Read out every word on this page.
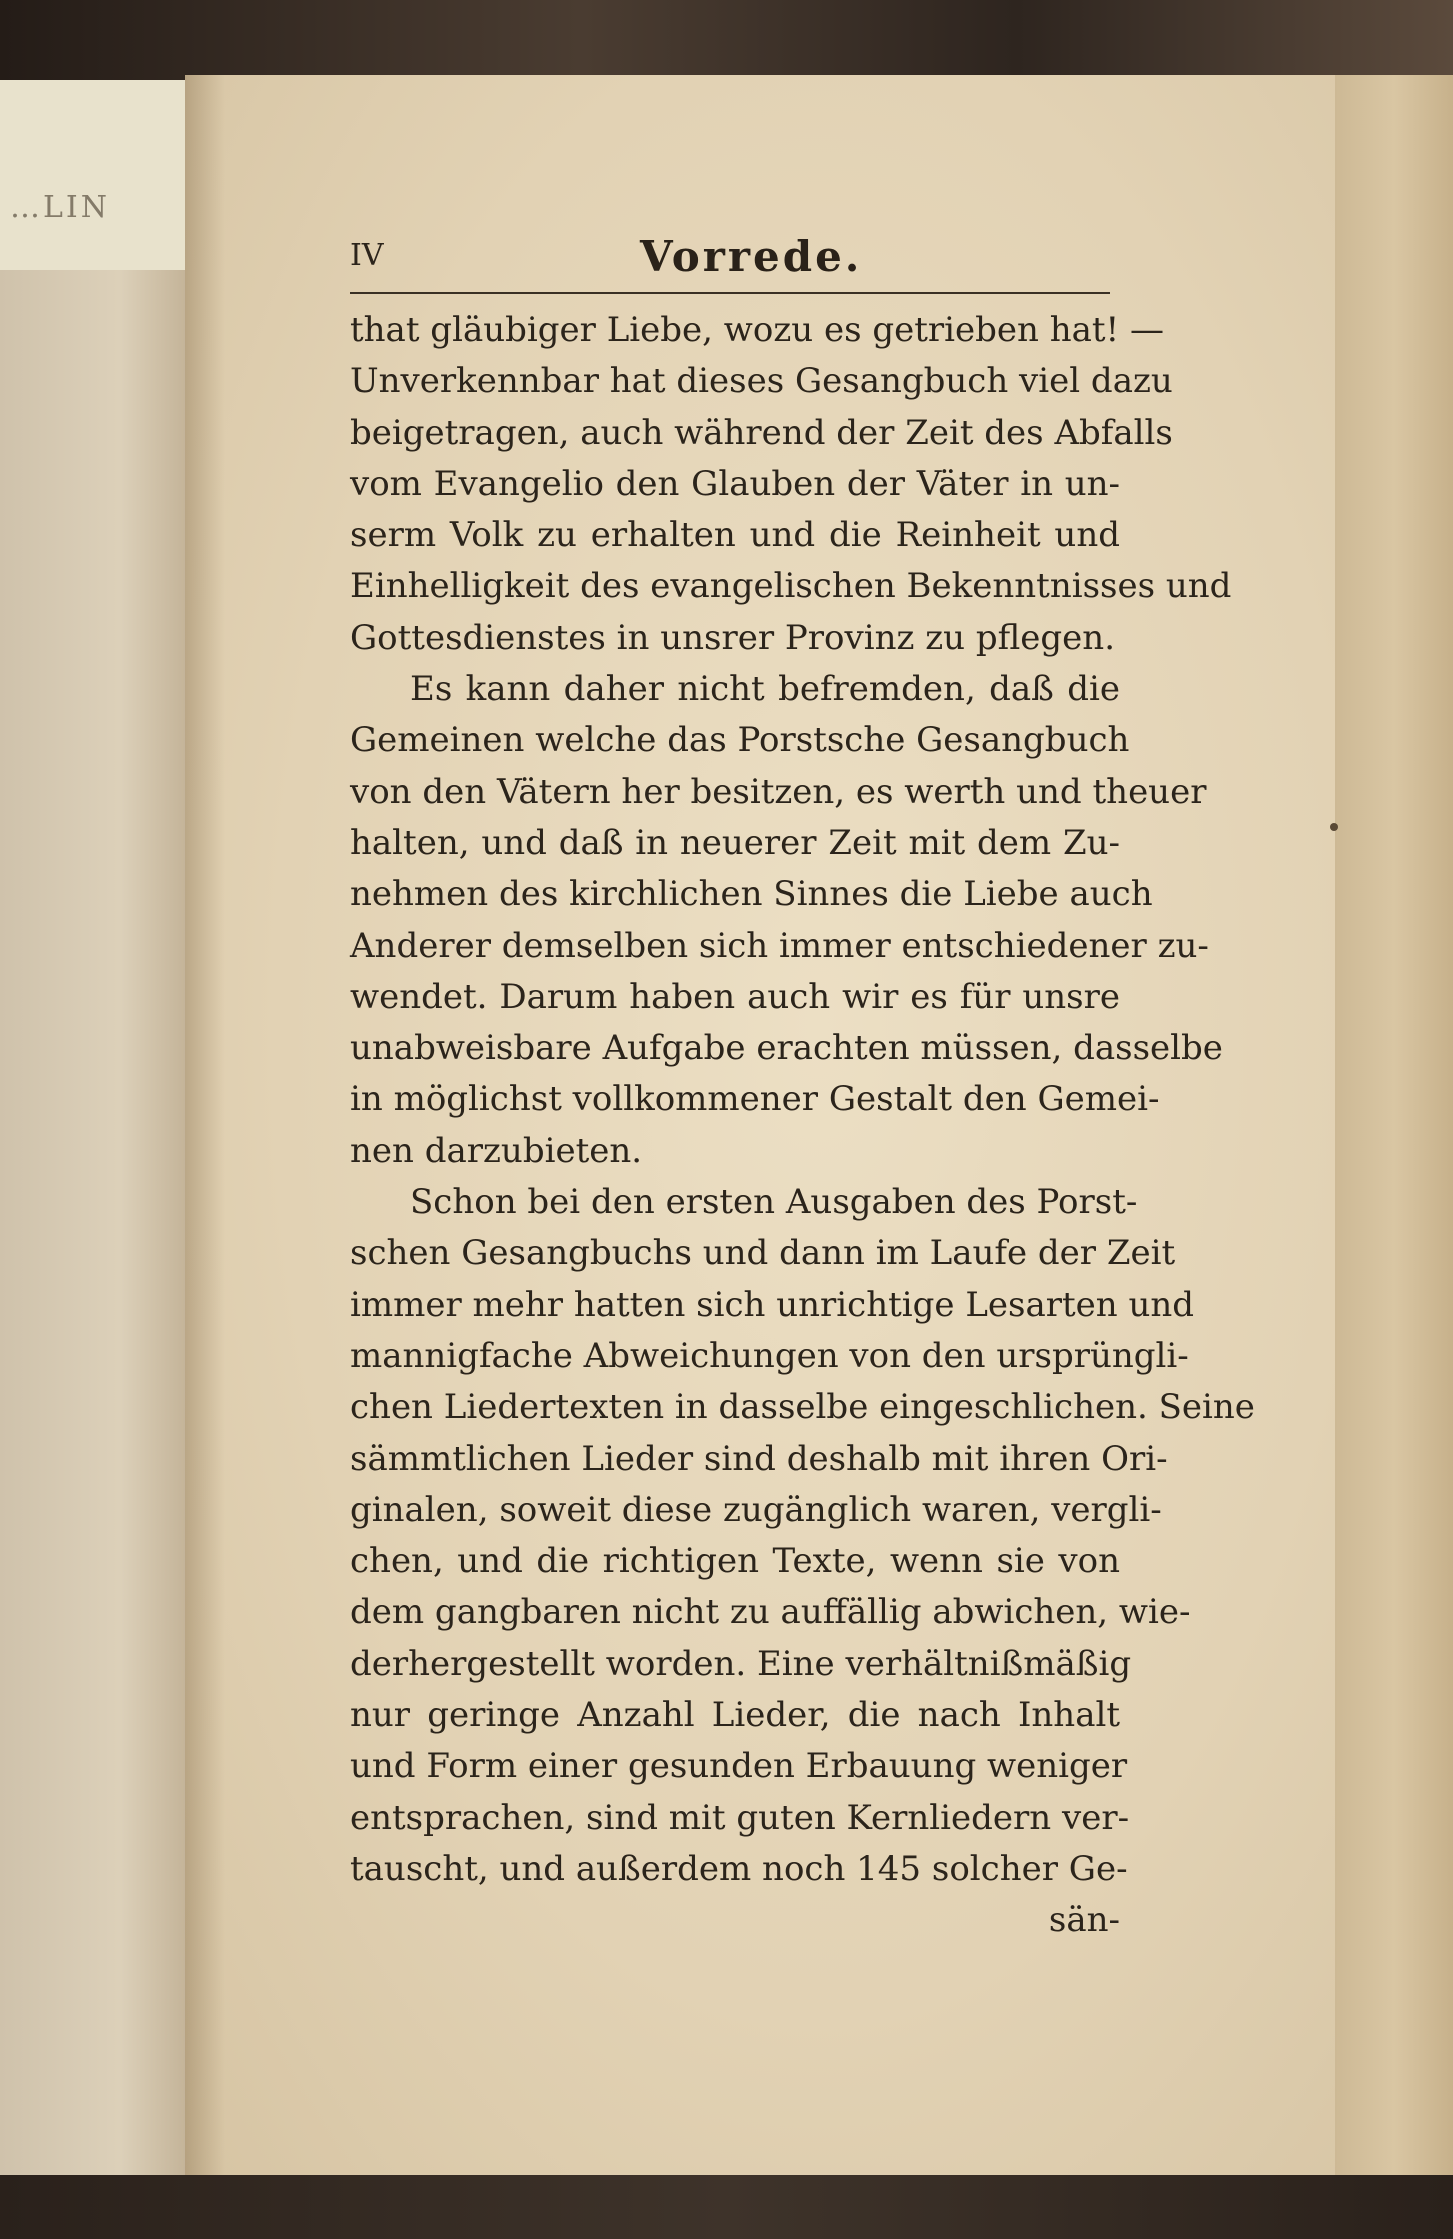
…LIN
IV	Vorrede.
that gläubiger Liebe, wozu es getrieben hat! —
Unverkennbar hat dieses Gesangbuch viel dazu
beigetragen, auch während der Zeit des Abfalls
vom Evangelio den Glauben der Väter in un-
serm Volk zu erhalten und die Reinheit und
Einhelligkeit des evangelischen Bekenntnisses und
Gottesdienstes in unsrer Provinz zu pflegen.
Es kann daher nicht befremden, daß die
Gemeinen welche das Porstsche Gesangbuch
von den Vätern her besitzen, es werth und theuer
halten, und daß in neuerer Zeit mit dem Zu-
nehmen des kirchlichen Sinnes die Liebe auch
Anderer demselben sich immer entschiedener zu-
wendet. Darum haben auch wir es für unsre
unabweisbare Aufgabe erachten müssen, dasselbe
in möglichst vollkommener Gestalt den Gemei-
nen darzubieten.
Schon bei den ersten Ausgaben des Porst-
schen Gesangbuchs und dann im Laufe der Zeit
immer mehr hatten sich unrichtige Lesarten und
mannigfache Abweichungen von den ursprüngli-
chen Liedertexten in dasselbe eingeschlichen. Seine
sämmtlichen Lieder sind deshalb mit ihren Ori-
ginalen, soweit diese zugänglich waren, vergli-
chen, und die richtigen Texte, wenn sie von
dem gangbaren nicht zu auffällig abwichen, wie-
derhergestellt worden. Eine verhältnißmäßig
nur geringe Anzahl Lieder, die nach Inhalt
und Form einer gesunden Erbauung weniger
entsprachen, sind mit guten Kernliedern ver-
tauscht, und außerdem noch 145 solcher Ge-
sän-
